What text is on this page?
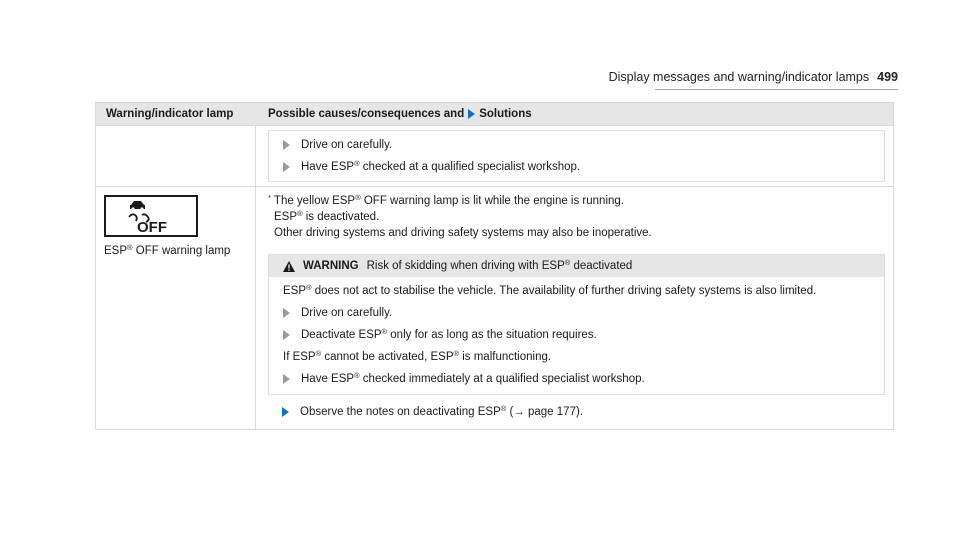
Display messages and warning/indicator lamps 499
Warning/indicator lamp	Possible causes/consequences and Solutions
Drive on carefully.
Have ESP® checked at a qualified specialist workshop.
OFF
ESP® OFF warning lamp
* The yellow ESP® OFF warning lamp is lit while the engine is running.
ESP® is deactivated.
Other driving systems and driving safety systems may also be inoperative.
WARNING Risk of skidding when driving with ESP® deactivated
ESP® does not act to stabilise the vehicle. The availability of further driving safety systems is also limited.
Drive on carefully.
Deactivate ESP® only for as long as the situation requires.
If ESP® cannot be activated, ESP® is malfunctioning.
Have ESP® checked immediately at a qualified specialist workshop.
Observe the notes on deactivating ESP® (→ page 177).
